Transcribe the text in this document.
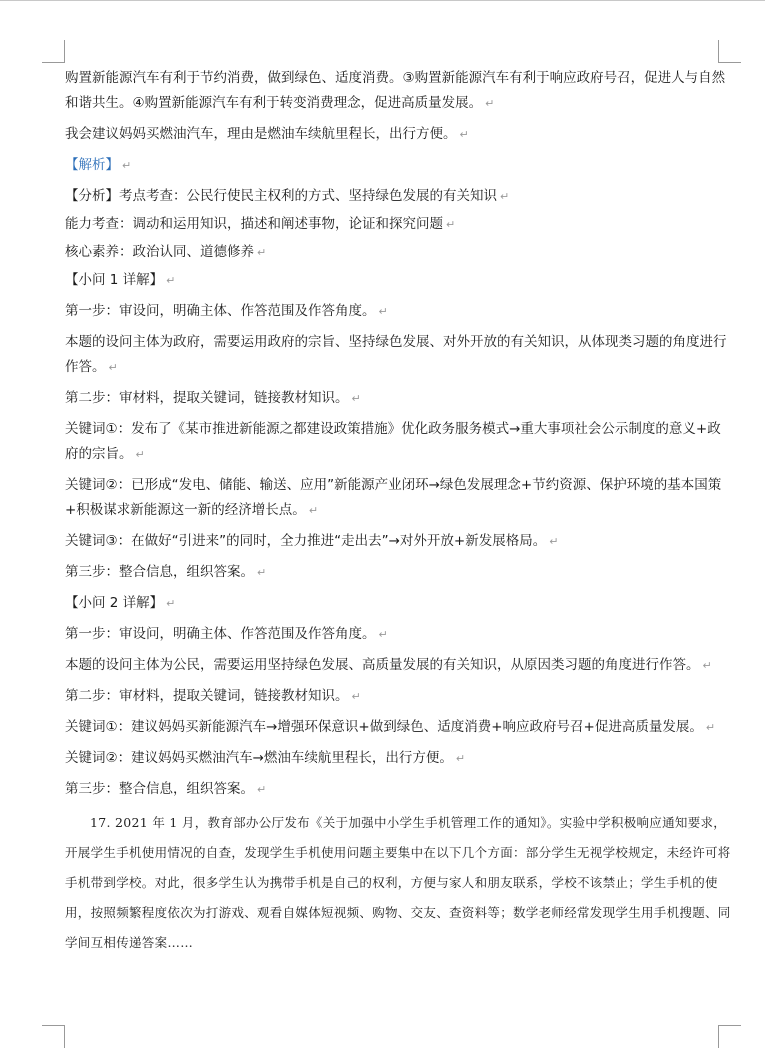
购置新能源汽车有利于节约消费，做到绿色、适度消费。③购置新能源汽车有利于响应政府号召，促进人与自然和谐共生。④购置新能源汽车有利于转变消费理念，促进高质量发展。 ↵

我会建议妈妈买燃油汽车，理由是燃油车续航里程长，出行方便。 ↵

【解析】 ↵

【分析】考点考查：公民行使民主权利的方式、坚持绿色发展的有关知识 ↵

能力考查：调动和运用知识，描述和阐述事物，论证和探究问题 ↵

核心素养：政治认同、道德修养 ↵

【小问 1 详解】 ↵

第一步：审设问，明确主体、作答范围及作答角度。 ↵

本题的设问主体为政府，需要运用政府的宗旨、坚持绿色发展、对外开放的有关知识，从体现类习题的角度进行作答。 ↵

第二步：审材料，提取关键词，链接教材知识。 ↵

关键词①：发布了《某市推进新能源之都建设政策措施》优化政务服务模式→重大事项社会公示制度的意义+政府的宗旨。 ↵

关键词②：已形成“发电、储能、输送、应用”新能源产业闭环→绿色发展理念+节约资源、保护环境的基本国策+积极谋求新能源这一新的经济增长点。 ↵

关键词③：在做好“引进来”的同时，全力推进“走出去”→对外开放+新发展格局。 ↵

第三步：整合信息，组织答案。 ↵

【小问 2 详解】 ↵

第一步：审设问，明确主体、作答范围及作答角度。 ↵

本题的设问主体为公民，需要运用坚持绿色发展、高质量发展的有关知识，从原因类习题的角度进行作答。 ↵

第二步：审材料，提取关键词，链接教材知识。 ↵

关键词①：建议妈妈买新能源汽车→增强环保意识+做到绿色、适度消费+响应政府号召+促进高质量发展。 ↵

关键词②：建议妈妈买燃油汽车→燃油车续航里程长，出行方便。 ↵

第三步：整合信息，组织答案。 ↵

17. 2021 年 1 月，教育部办公厅发布《关于加强中小学生手机管理工作的通知》。实验中学积极响应通知要求，开展学生手机使用情况的自查，发现学生手机使用问题主要集中在以下几个方面：部分学生无视学校规定，未经许可将手机带到学校。对此，很多学生认为携带手机是自己的权利，方便与家人和朋友联系，学校不该禁止；学生手机的使用，按照频繁程度依次为打游戏、观看自媒体短视频、购物、交友、查资料等；数学老师经常发现学生用手机搜题、同学间互相传递答案……
